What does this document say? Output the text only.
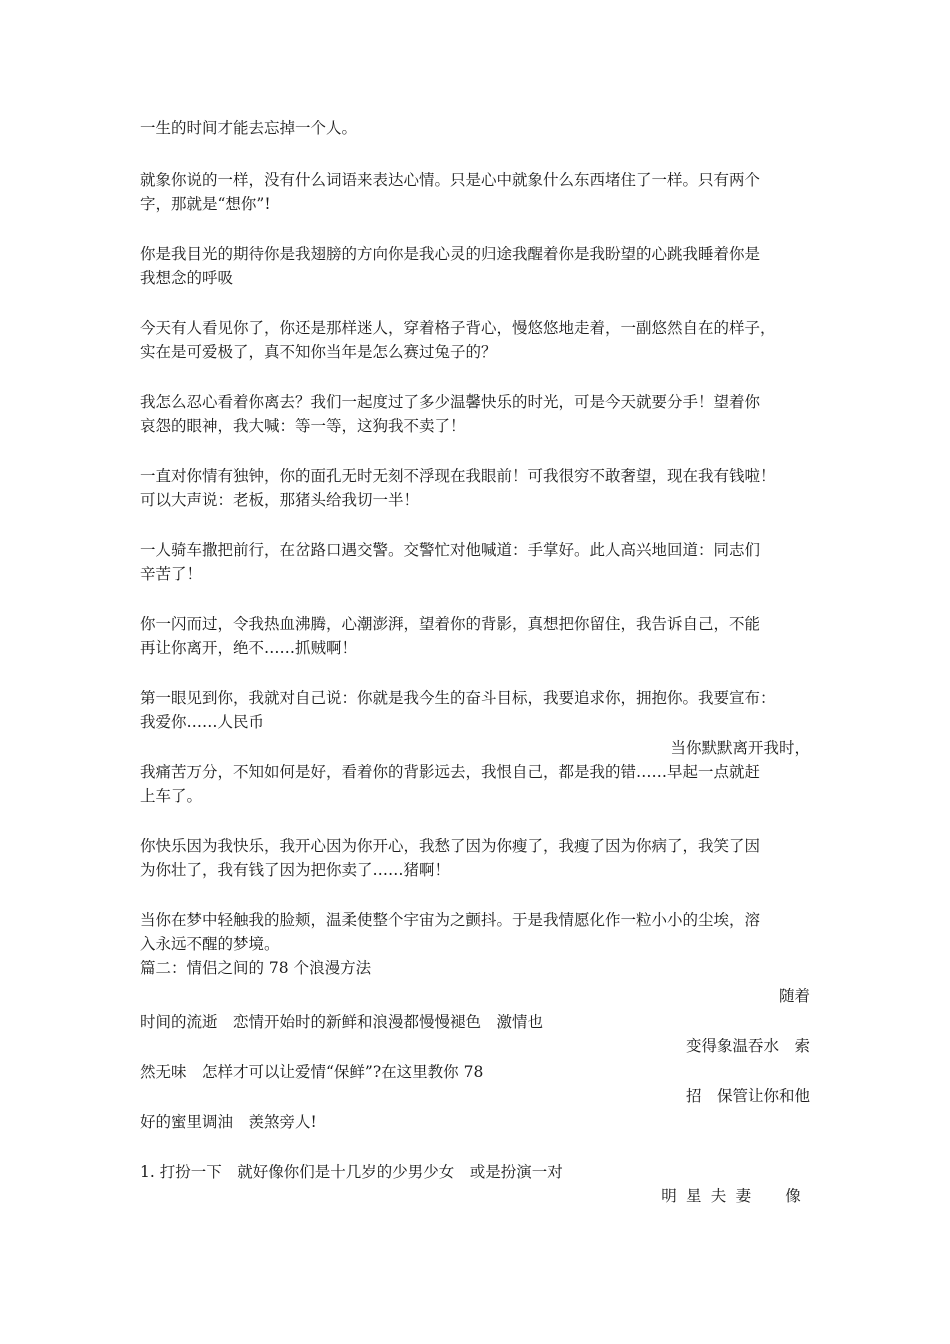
一生的时间才能去忘掉一个人。
就象你说的一样，没有什么词语来表达心情。只是心中就象什么东西堵住了一样。只有两个
字，那就是“想你”!
你是我目光的期待你是我翅膀的方向你是我心灵的归途我醒着你是我盼望的心跳我睡着你是
我想念的呼吸
今天有人看见你了，你还是那样迷人，穿着格子背心，慢悠悠地走着，一副悠然自在的样子，
实在是可爱极了，真不知你当年是怎么赛过兔子的？
我怎么忍心看着你离去？我们一起度过了多少温馨快乐的时光，可是今天就要分手！望着你
哀怨的眼神，我大喊：等一等，这狗我不卖了！
一直对你情有独钟，你的面孔无时无刻不浮现在我眼前！可我很穷不敢奢望，现在我有钱啦！
可以大声说：老板，那猪头给我切一半！
一人骑车撒把前行，在岔路口遇交警。交警忙对他喊道：手掌好。此人高兴地回道：同志们
辛苦了！
你一闪而过，令我热血沸腾，心潮澎湃，望着你的背影，真想把你留住，我告诉自己，不能
再让你离开，绝不……抓贼啊！
第一眼见到你，我就对自己说：你就是我今生的奋斗目标，我要追求你，拥抱你。我要宣布：
我爱你……人民币
当你默默离开我时，
我痛苦万分，不知如何是好，看着你的背影远去，我恨自己，都是我的错……早起一点就赶
上车了。
你快乐因为我快乐，我开心因为你开心，我愁了因为你瘦了，我瘦了因为你病了，我笑了因
为你壮了，我有钱了因为把你卖了……猪啊！
当你在梦中轻触我的脸颊，温柔使整个宇宙为之颤抖。于是我情愿化作一粒小小的尘埃，溶
入永远不醒的梦境。
篇二：情侣之间的 78 个浪漫方法
随着
时间的流逝　恋情开始时的新鲜和浪漫都慢慢褪色　激情也
变得象温吞水　索
然无味　怎样才可以让爱情“保鲜”?在这里教你 78
招　保管让你和他
好的蜜里调油　羡煞旁人!
1. 打扮一下　就好像你们是十几岁的少男少女　或是扮演一对
明星夫妻　像
